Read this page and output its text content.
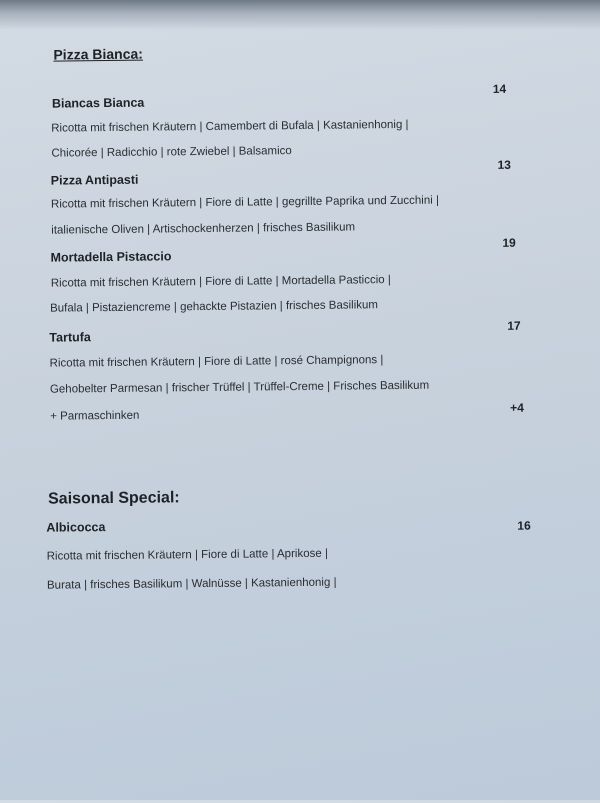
Pizza Bianca:
Biancas Bianca
14
Ricotta mit frischen Kräutern | Camembert di Bufala | Kastanienhonig |
Chicorée | Radicchio | rote Zwiebel | Balsamico
Pizza Antipasti
13
Ricotta mit frischen Kräutern | Fiore di Latte | gegrillte Paprika und Zucchini |
italienische Oliven | Artischockenherzen | frisches Basilikum
Mortadella Pistaccio
19
Ricotta mit frischen Kräutern | Fiore di Latte | Mortadella Pasticcio |
Bufala | Pistaziencreme | gehackte Pistazien | frisches Basilikum
Tartufa
17
Ricotta mit frischen Kräutern | Fiore di Latte | rosé Champignons |
Gehobelter Parmesan | frischer Trüffel | Trüffel-Creme | Frisches Basilikum
+ Parmaschinken
+4
Saisonal Special:
Albicocca	16
Ricotta mit frischen Kräutern | Fiore di Latte | Aprikose |
Burata | frisches Basilikum | Walnüsse | Kastanienhonig |
